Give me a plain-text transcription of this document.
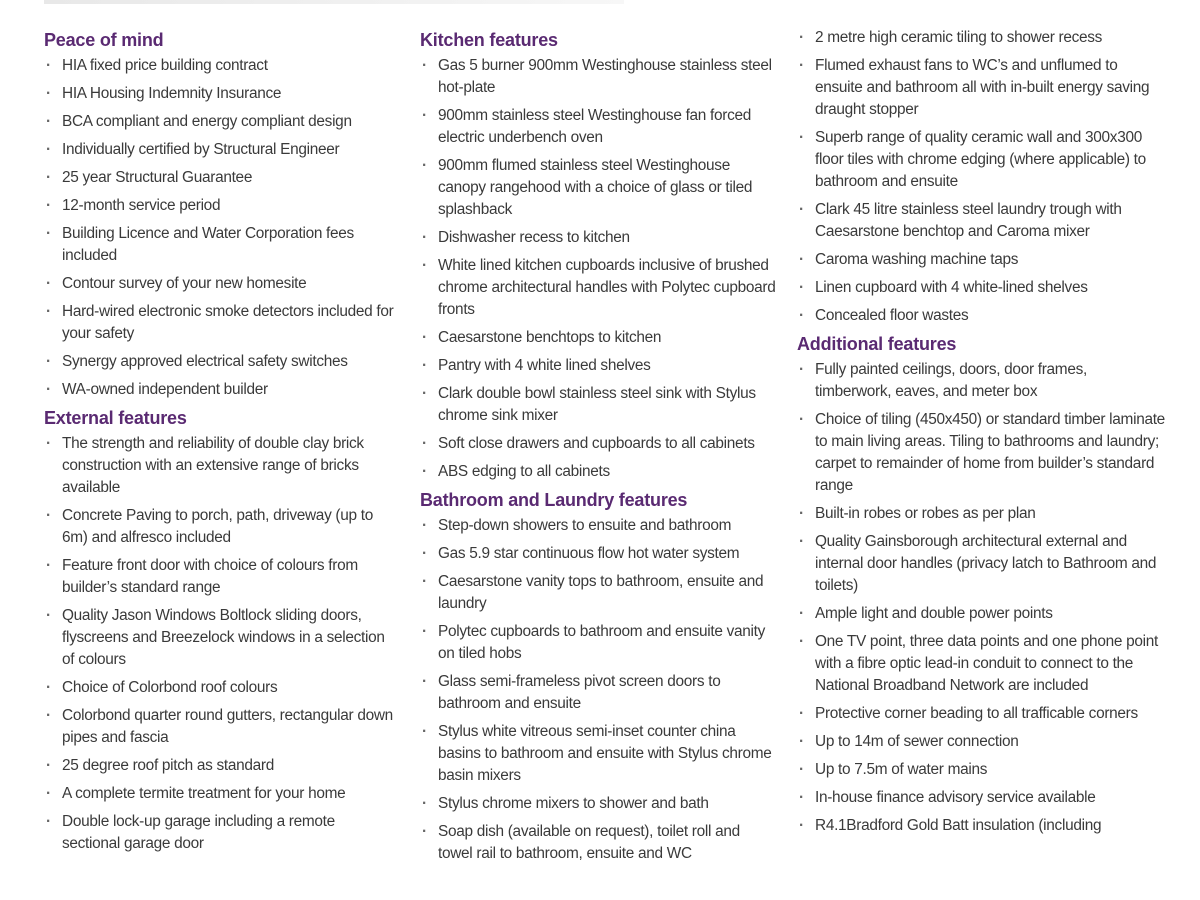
Peace of mind
· HIA fixed price building contract
· HIA Housing Indemnity Insurance
· BCA compliant and energy compliant design
· Individually certified by Structural Engineer
· 25 year Structural Guarantee
· 12-month service period
· Building Licence and Water Corporation fees included
· Contour survey of your new homesite
· Hard-wired electronic smoke detectors included for your safety
· Synergy approved electrical safety switches
· WA-owned independent builder
External features
· The strength and reliability of double clay brick construction with an extensive range of bricks available
· Concrete Paving to porch, path, driveway (up to 6m) and alfresco included
· Feature front door with choice of colours from builder’s standard range
· Quality Jason Windows Boltlock sliding doors, flyscreens and Breezelock windows in a selection of colours
· Choice of Colorbond roof colours
· Colorbond quarter round gutters, rectangular down pipes and fascia
· 25 degree roof pitch as standard
· A complete termite treatment for your home
· Double lock-up garage including a remote sectional garage door
Kitchen features
· Gas 5 burner 900mm Westinghouse stainless steel hot-plate
· 900mm stainless steel Westinghouse fan forced electric underbench oven
· 900mm flumed stainless steel Westinghouse canopy rangehood with a choice of glass or tiled splashback
· Dishwasher recess to kitchen
· White lined kitchen cupboards inclusive of brushed chrome architectural handles with Polytec cupboard fronts
· Caesarstone benchtops to kitchen
· Pantry with 4 white lined shelves
· Clark double bowl stainless steel sink with Stylus chrome sink mixer
· Soft close drawers and cupboards to all cabinets
· ABS edging to all cabinets
Bathroom and Laundry features
· Step-down showers to ensuite and bathroom
· Gas 5.9 star continuous flow hot water system
· Caesarstone vanity tops to bathroom, ensuite and laundry
· Polytec cupboards to bathroom and ensuite vanity on tiled hobs
· Glass semi-frameless pivot screen doors to bathroom and ensuite
· Stylus white vitreous semi-inset counter china basins to bathroom and ensuite with Stylus chrome basin mixers
· Stylus chrome mixers to shower and bath
· Soap dish (available on request), toilet roll and towel rail to bathroom, ensuite and WC
· 2 metre high ceramic tiling to shower recess
· Flumed exhaust fans to WC’s and unflumed to ensuite and bathroom all with in-built energy saving draught stopper
· Superb range of quality ceramic wall and 300x300 floor tiles with chrome edging (where applicable) to bathroom and ensuite
· Clark 45 litre stainless steel laundry trough with Caesarstone benchtop and Caroma mixer
· Caroma washing machine taps
· Linen cupboard with 4 white-lined shelves
· Concealed floor wastes
Additional features
· Fully painted ceilings, doors, door frames, timberwork, eaves, and meter box
· Choice of tiling (450x450) or standard timber laminate to main living areas. Tiling to bathrooms and laundry; carpet to remainder of home from builder’s standard range
· Built-in robes or robes as per plan
· Quality Gainsborough architectural external and internal door handles (privacy latch to Bathroom and toilets)
· Ample light and double power points
· One TV point, three data points and one phone point with a fibre optic lead-in conduit to connect to the National Broadband Network are included
· Protective corner beading to all trafficable corners
· Up to 14m of sewer connection
· Up to 7.5m of water mains
· In-house finance advisory service available
· R4.1Bradford Gold Batt insulation (including
